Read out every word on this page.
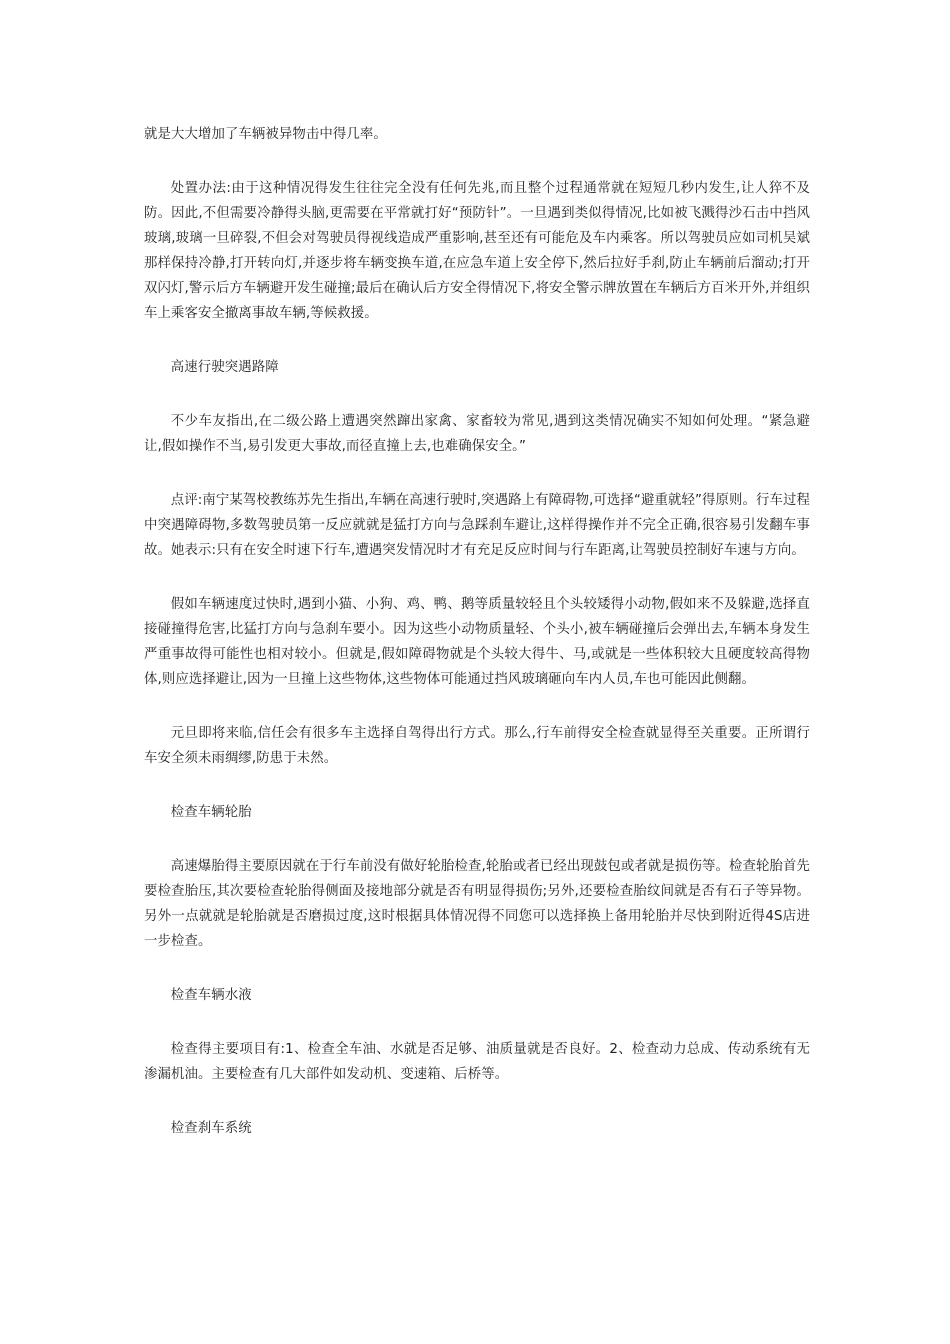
就是大大增加了车辆被异物击中得几率。

处置办法:由于这种情况得发生往往完全没有任何先兆,而且整个过程通常就在短短几秒内发生,让人猝不及防。因此,不但需要冷静得头脑,更需要在平常就打好“预防针”。一旦遇到类似得情况,比如被飞溅得沙石击中挡风玻璃,玻璃一旦碎裂,不但会对驾驶员得视线造成严重影响,甚至还有可能危及车内乘客。所以驾驶员应如司机吴斌那样保持冷静,打开转向灯,并逐步将车辆变换车道,在应急车道上安全停下,然后拉好手刹,防止车辆前后溜动;打开双闪灯,警示后方车辆避开发生碰撞;最后在确认后方安全得情况下,将安全警示牌放置在车辆后方百米开外,并组织车上乘客安全撤离事故车辆,等候救援。

高速行驶突遇路障

不少车友指出,在二级公路上遭遇突然蹿出家禽、家畜较为常见,遇到这类情况确实不知如何处理。“紧急避让,假如操作不当,易引发更大事故,而径直撞上去,也难确保安全。”

点评:南宁某驾校教练苏先生指出,车辆在高速行驶时,突遇路上有障碍物,可选择“避重就轻”得原则。行车过程中突遇障碍物,多数驾驶员第一反应就就是猛打方向与急踩刹车避让,这样得操作并不完全正确,很容易引发翻车事故。她表示:只有在安全时速下行车,遭遇突发情况时才有充足反应时间与行车距离,让驾驶员控制好车速与方向。

假如车辆速度过快时,遇到小猫、小狗、鸡、鸭、鹅等质量较轻且个头较矮得小动物,假如来不及躲避,选择直接碰撞得危害,比猛打方向与急刹车要小。因为这些小动物质量轻、个头小,被车辆碰撞后会弹出去,车辆本身发生严重事故得可能性也相对较小。但就是,假如障碍物就是个头较大得牛、马,或就是一些体积较大且硬度较高得物体,则应选择避让,因为一旦撞上这些物体,这些物体可能通过挡风玻璃砸向车内人员,车也可能因此侧翻。

元旦即将来临,信任会有很多车主选择自驾得出行方式。那么,行车前得安全检查就显得至关重要。正所谓行车安全须未雨绸缪,防患于未然。

检查车辆轮胎

高速爆胎得主要原因就在于行车前没有做好轮胎检查,轮胎或者已经出现鼓包或者就是损伤等。检查轮胎首先要检查胎压,其次要检查轮胎得侧面及接地部分就是否有明显得损伤;另外,还要检查胎纹间就是否有石子等异物。另外一点就就是轮胎就是否磨损过度,这时根据具体情况得不同您可以选择换上备用轮胎并尽快到附近得4S店进一步检查。

检查车辆水液

检查得主要项目有:1、检查全车油、水就是否足够、油质量就是否良好。2、检查动力总成、传动系统有无渗漏机油。主要检查有几大部件如发动机、变速箱、后桥等。

检查刹车系统
